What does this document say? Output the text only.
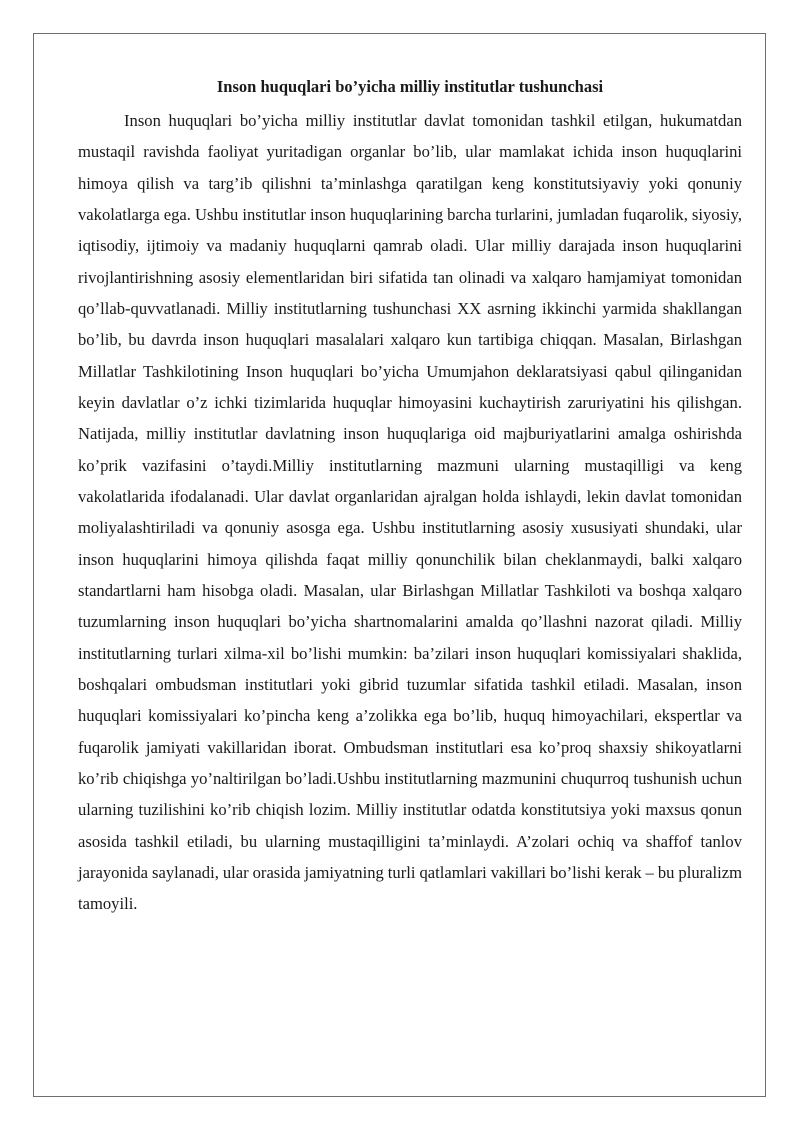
Inson huquqlari bo’yicha milliy institutlar tushunchasi

Inson huquqlari bo’yicha milliy institutlar davlat tomonidan tashkil etilgan, hukumatdan mustaqil ravishda faoliyat yuritadigan organlar bo’lib, ular mamlakat ichida inson huquqlarini himoya qilish va targ’ib qilishni ta’minlashga qaratilgan keng konstitutsiyaviy yoki qonuniy vakolatlarga ega. Ushbu institutlar inson huquqlarining barcha turlarini, jumladan fuqarolik, siyosiy, iqtisodiy, ijtimoiy va madaniy huquqlarni qamrab oladi. Ular milliy darajada inson huquqlarini rivojlantirishning asosiy elementlaridan biri sifatida tan olinadi va xalqaro hamjamiyat tomonidan qo’llab-quvvatlanadi. Milliy institutlarning tushunchasi XX asrning ikkinchi yarmida shakllangan bo’lib, bu davrda inson huquqlari masalalari xalqaro kun tartibiga chiqqan. Masalan, Birlashgan Millatlar Tashkilotining Inson huquqlari bo’yicha Umumjahon deklaratsiyasi qabul qilinganidan keyin davlatlar o’z ichki tizimlarida huquqlar himoyasini kuchaytirish zaruriyatini his qilishgan. Natijada, milliy institutlar davlatning inson huquqlariga oid majburiyatlarini amalga oshirishda ko’prik vazifasini o’taydi.Milliy institutlarning mazmuni ularning mustaqilligi va keng vakolatlarida ifodalanadi. Ular davlat organlaridan ajralgan holda ishlaydi, lekin davlat tomonidan moliyalashtiriladi va qonuniy asosga ega. Ushbu institutlarning asosiy xususiyati shundaki, ular inson huquqlarini himoya qilishda faqat milliy qonunchilik bilan cheklanmaydi, balki xalqaro standartlarni ham hisobga oladi. Masalan, ular Birlashgan Millatlar Tashkiloti va boshqa xalqaro tuzumlarning inson huquqlari bo’yicha shartnomalarini amalda qo’llashni nazorat qiladi. Milliy institutlarning turlari xilma-xil bo’lishi mumkin: ba’zilari inson huquqlari komissiyalari shaklida, boshqalari ombudsman institutlari yoki gibrid tuzumlar sifatida tashkil etiladi. Masalan, inson huquqlari komissiyalari ko’pincha keng a’zolikka ega bo’lib, huquq himoyachilari, ekspertlar va fuqarolik jamiyati vakillaridan iborat. Ombudsman institutlari esa ko’proq shaxsiy shikoyatlarni ko’rib chiqishga yo’naltirilgan bo’ladi.Ushbu institutlarning mazmunini chuqurroq tushunish uchun ularning tuzilishini ko’rib chiqish lozim. Milliy institutlar odatda konstitutsiya yoki maxsus qonun asosida tashkil etiladi, bu ularning mustaqilligini ta’minlaydi. A’zolari ochiq va shaffof tanlov jarayonida saylanadi, ular orasida jamiyatning turli qatlamlari vakillari bo’lishi kerak – bu pluralizm tamoyili.
